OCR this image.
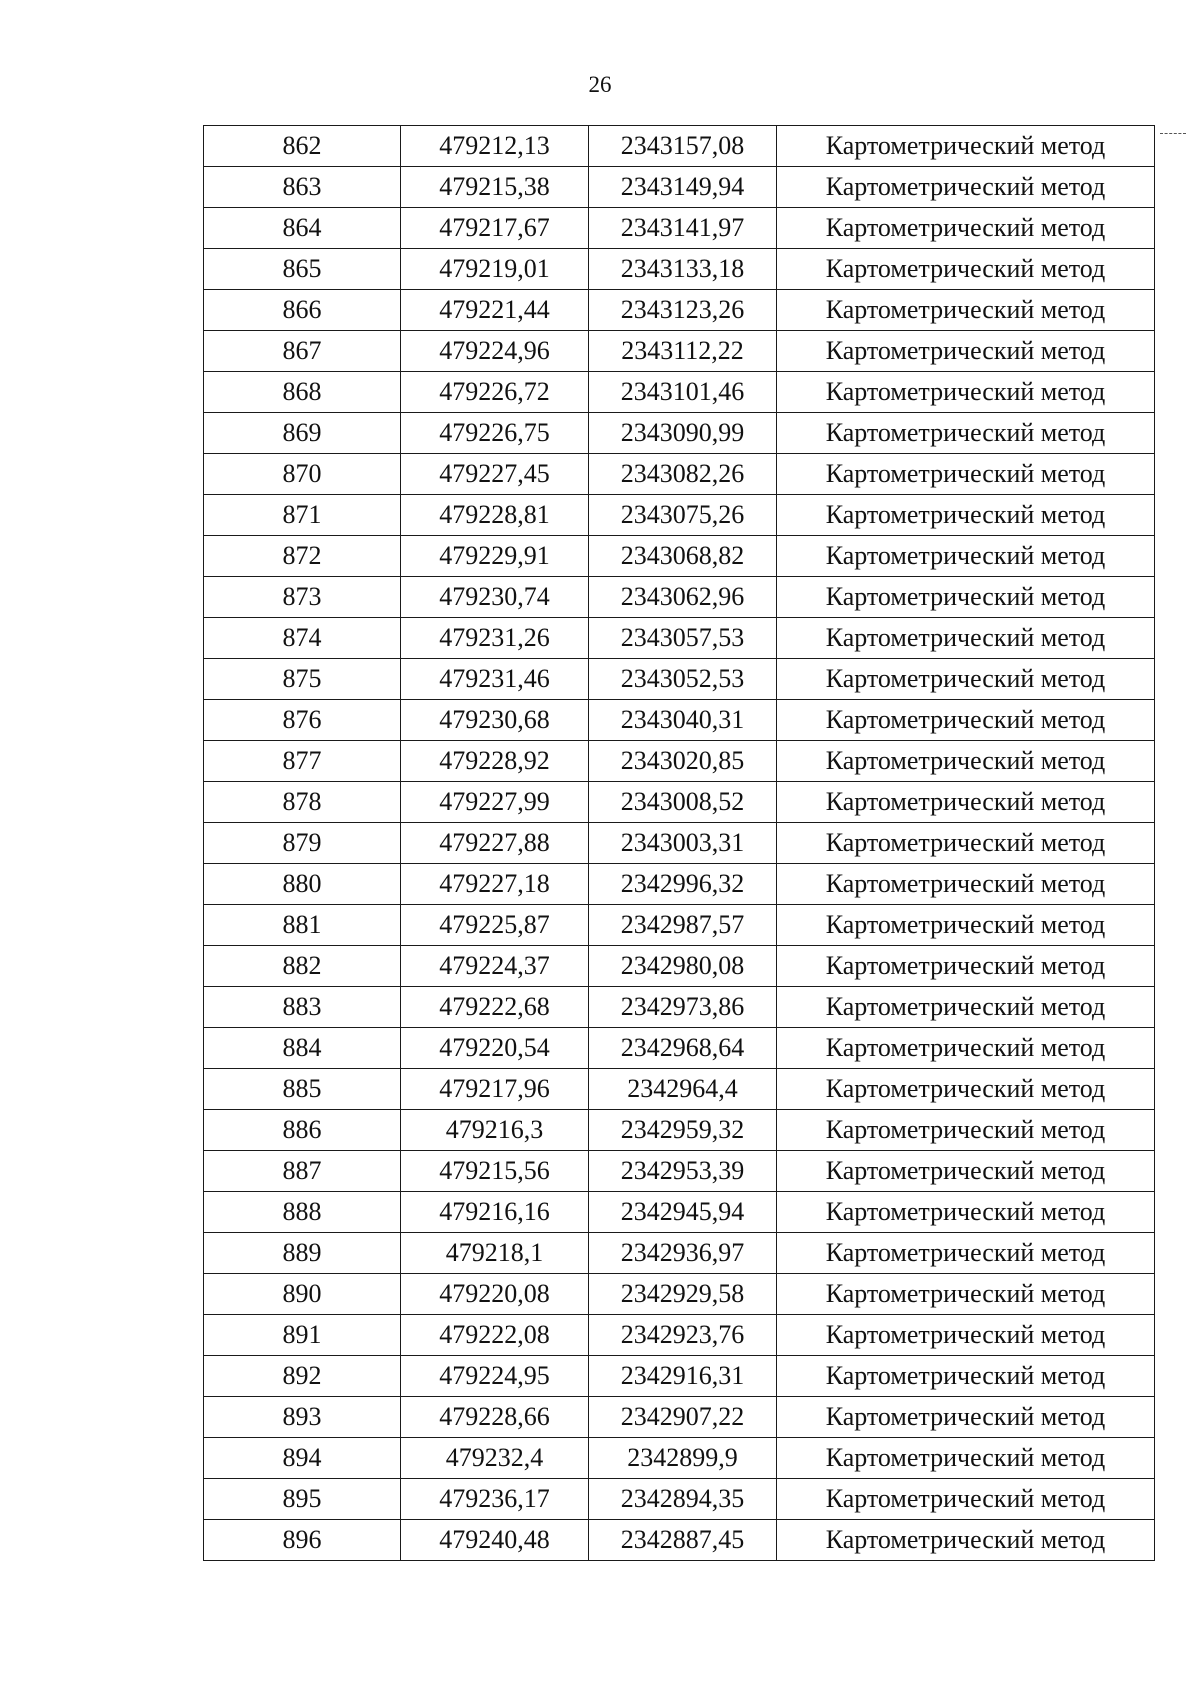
26
862	479212,13	2343157,08	Картометрический метод
863	479215,38	2343149,94	Картометрический метод
864	479217,67	2343141,97	Картометрический метод
865	479219,01	2343133,18	Картометрический метод
866	479221,44	2343123,26	Картометрический метод
867	479224,96	2343112,22	Картометрический метод
868	479226,72	2343101,46	Картометрический метод
869	479226,75	2343090,99	Картометрический метод
870	479227,45	2343082,26	Картометрический метод
871	479228,81	2343075,26	Картометрический метод
872	479229,91	2343068,82	Картометрический метод
873	479230,74	2343062,96	Картометрический метод
874	479231,26	2343057,53	Картометрический метод
875	479231,46	2343052,53	Картометрический метод
876	479230,68	2343040,31	Картометрический метод
877	479228,92	2343020,85	Картометрический метод
878	479227,99	2343008,52	Картометрический метод
879	479227,88	2343003,31	Картометрический метод
880	479227,18	2342996,32	Картометрический метод
881	479225,87	2342987,57	Картометрический метод
882	479224,37	2342980,08	Картометрический метод
883	479222,68	2342973,86	Картометрический метод
884	479220,54	2342968,64	Картометрический метод
885	479217,96	2342964,4	Картометрический метод
886	479216,3	2342959,32	Картометрический метод
887	479215,56	2342953,39	Картометрический метод
888	479216,16	2342945,94	Картометрический метод
889	479218,1	2342936,97	Картометрический метод
890	479220,08	2342929,58	Картометрический метод
891	479222,08	2342923,76	Картометрический метод
892	479224,95	2342916,31	Картометрический метод
893	479228,66	2342907,22	Картометрический метод
894	479232,4	2342899,9	Картометрический метод
895	479236,17	2342894,35	Картометрический метод
896	479240,48	2342887,45	Картометрический метод
